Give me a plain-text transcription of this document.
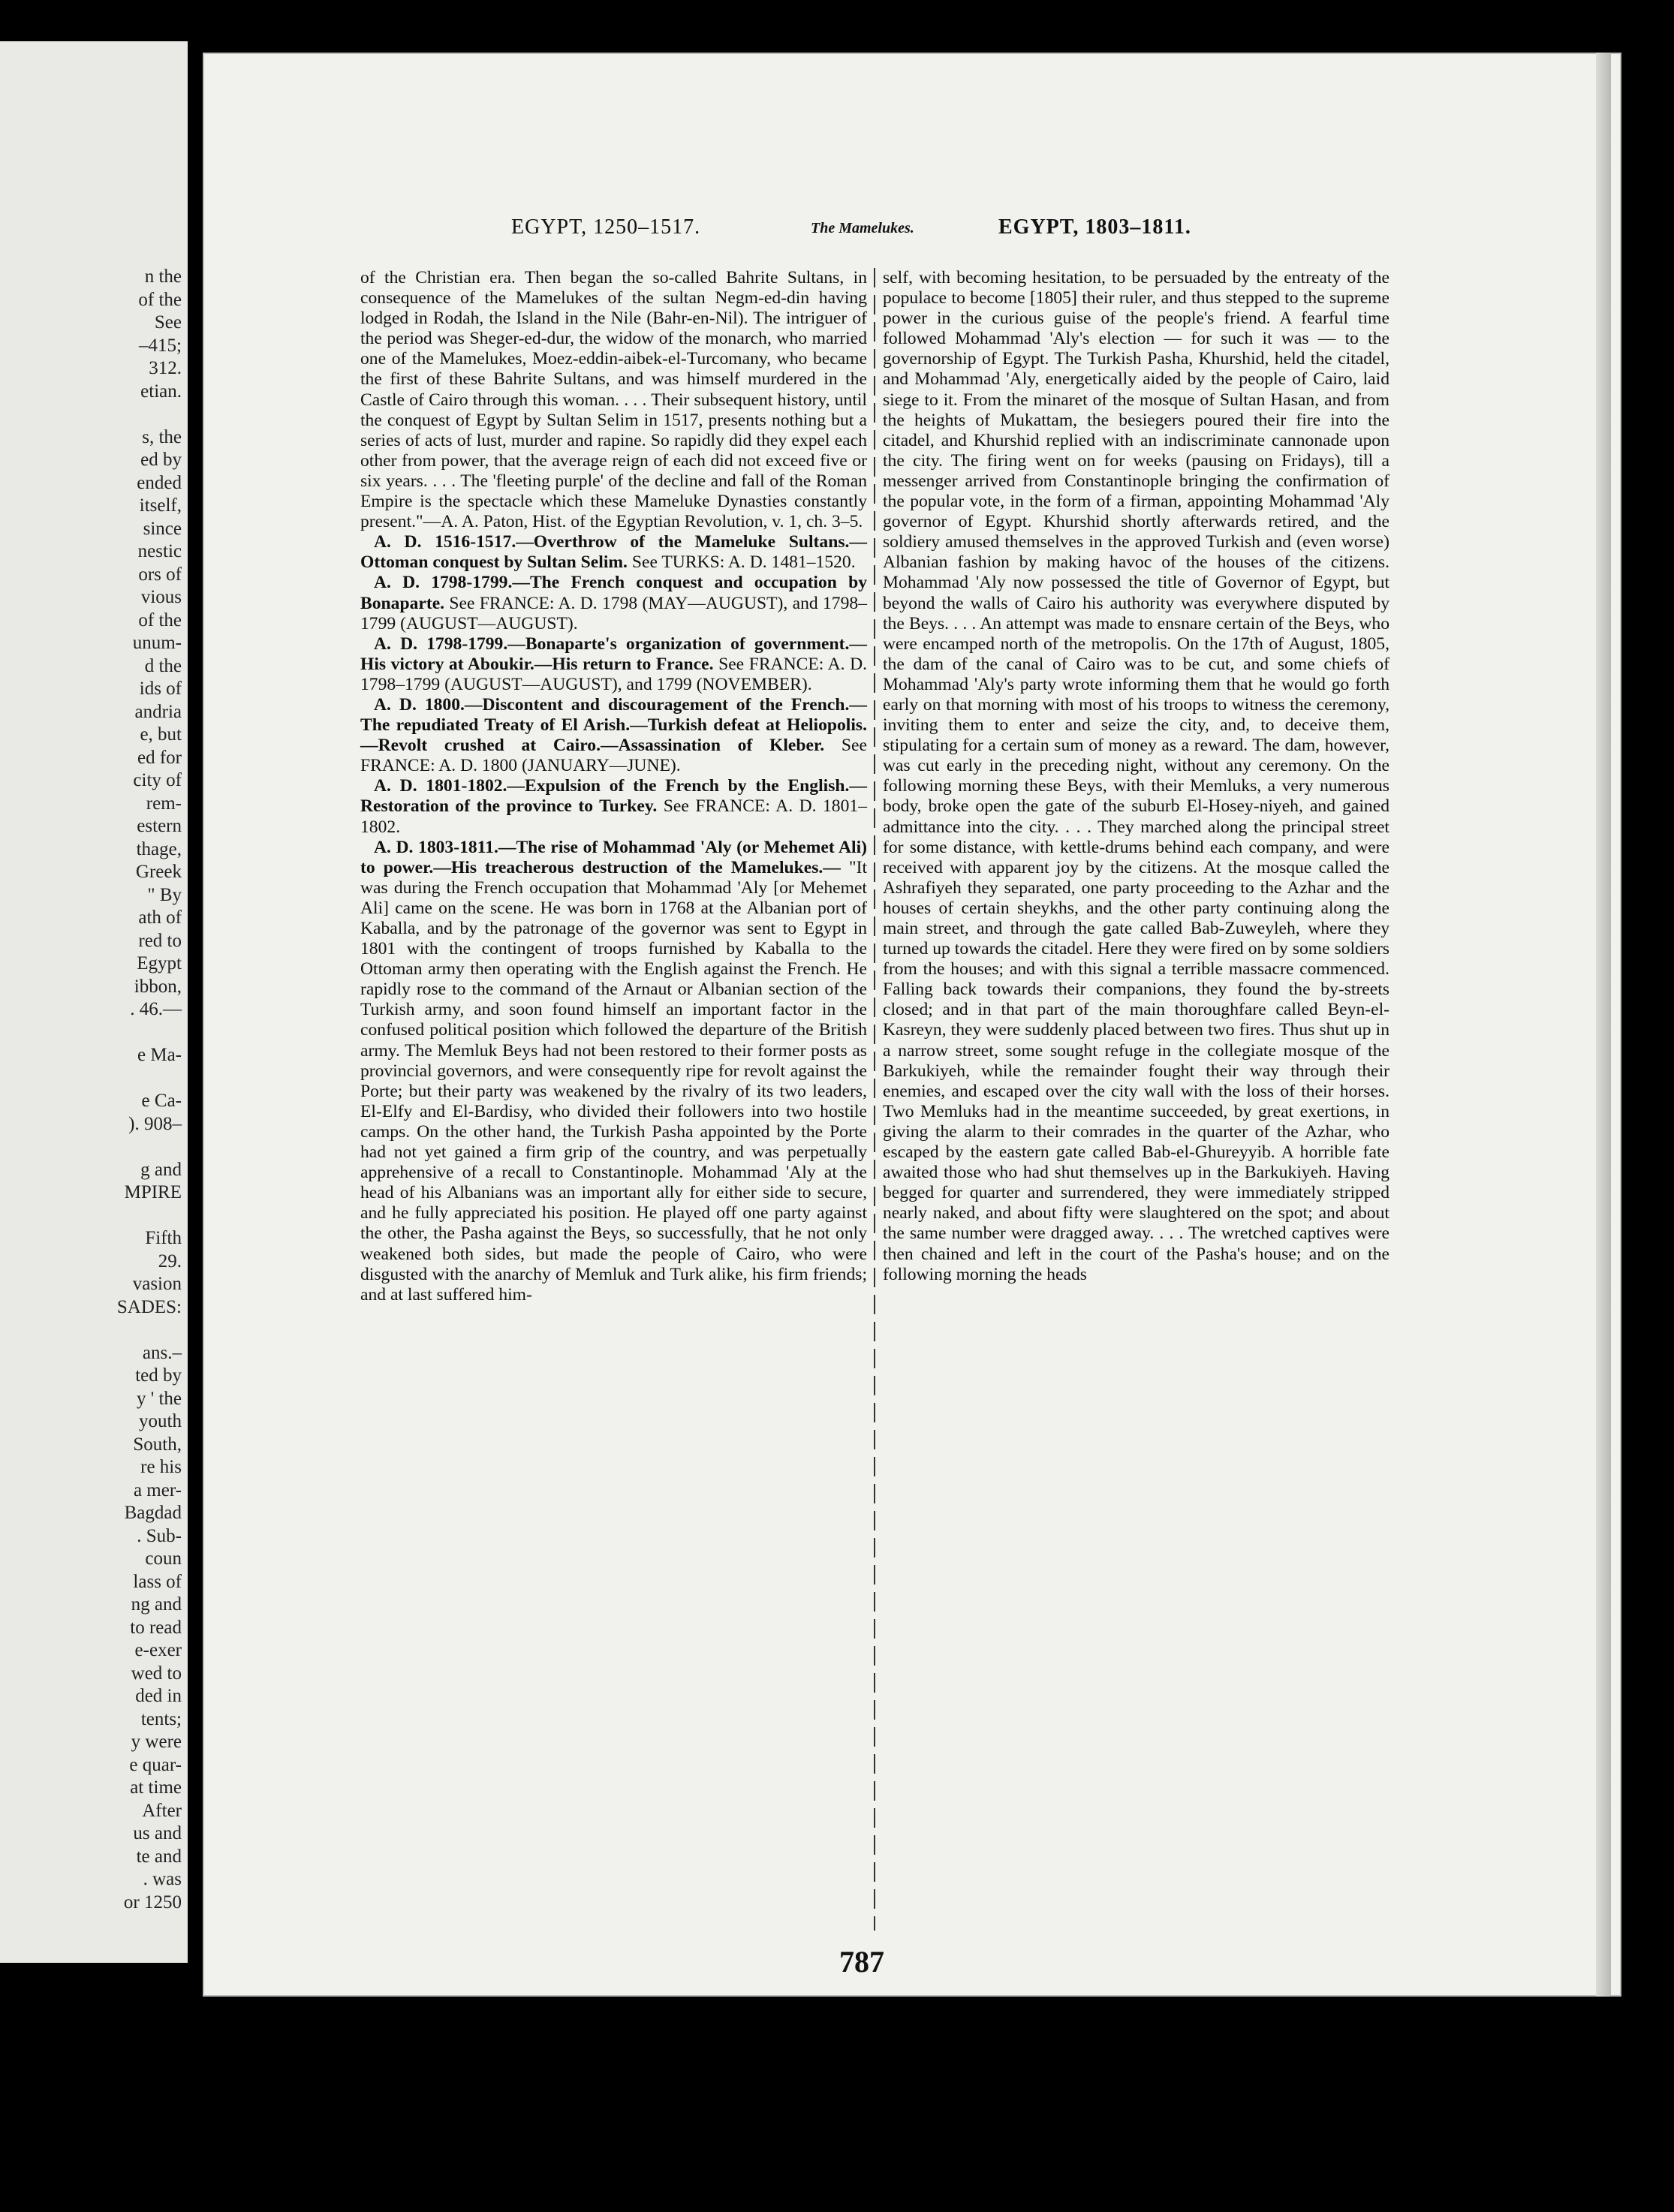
n the
of the
See
–415;
312.
etian.
s, the
ed by
ended
itself,
since
nestic
ors of
vious
of the
unum-
d the
ids of
andria
e, but
ed for
city of
rem-
estern
thage,
Greek
" By
ath of
red to
Egypt
ibbon,
. 46.—
e Ma-
e Ca-
). 908–
g and
MPIRE
Fifth
29.
vasion
SADES:
ans.–
ted by
y ' the
youth
South,
re his
a mer-
Bagdad
. Sub-
coun
lass of
ng and
to read
e-exer
wed to
ded in
tents;
y were
e quar-
at time
After
us and
te and
. was
or 1250
EGYPT, 1250–1517.	The Mamelukes.	EGYPT, 1803–1811.

of the Christian era. Then began the so-called Bahrite Sultans, in consequence of the Mamelukes of the sultan Negm-ed-din having lodged in Rodah, the Island in the Nile (Bahr-en-Nil). The intriguer of the period was Sheger-ed-dur, the widow of the monarch, who married one of the Mamelukes, Moez-eddin-aibek-el-Turcomany, who became the first of these Bahrite Sultans, and was himself murdered in the Castle of Cairo through this woman. . . . Their subsequent history, until the conquest of Egypt by Sultan Selim in 1517, presents nothing but a series of acts of lust, murder and rapine. So rapidly did they expel each other from power, that the average reign of each did not exceed five or six years. . . . The 'fleeting purple' of the decline and fall of the Roman Empire is the spectacle which these Mameluke Dynasties constantly present."—A. A. Paton, Hist. of the Egyptian Revolution, v. 1, ch. 3–5.

A. D. 1516-1517.—Overthrow of the Mameluke Sultans.—Ottoman conquest by Sultan Selim. See TURKS: A. D. 1481–1520.

A. D. 1798-1799.—The French conquest and occupation by Bonaparte. See FRANCE: A. D. 1798 (MAY—AUGUST), and 1798–1799 (AUGUST—AUGUST).

A. D. 1798-1799.—Bonaparte's organization of government.—His victory at Aboukir.—His return to France. See FRANCE: A. D. 1798–1799 (AUGUST—AUGUST), and 1799 (NOVEMBER).

A. D. 1800.—Discontent and discouragement of the French.—The repudiated Treaty of El Arish.—Turkish defeat at Heliopolis.—Revolt crushed at Cairo.—Assassination of Kleber. See FRANCE: A. D. 1800 (JANUARY—JUNE).

A. D. 1801-1802.—Expulsion of the French by the English.—Restoration of the province to Turkey. See FRANCE: A. D. 1801–1802.

A. D. 1803-1811.—The rise of Mohammad 'Aly (or Mehemet Ali) to power.—His treacherous destruction of the Mamelukes.— "It was during the French occupation that Mohammad 'Aly [or Mehemet Ali] came on the scene. He was born in 1768 at the Albanian port of Kaballa, and by the patronage of the governor was sent to Egypt in 1801 with the contingent of troops furnished by Kaballa to the Ottoman army then operating with the English against the French. He rapidly rose to the command of the Arnaut or Albanian section of the Turkish army, and soon found himself an important factor in the confused political position which followed the departure of the British army. The Memluk Beys had not been restored to their former posts as provincial governors, and were consequently ripe for revolt against the Porte; but their party was weakened by the rivalry of its two leaders, El-Elfy and El-Bardisy, who divided their followers into two hostile camps. On the other hand, the Turkish Pasha appointed by the Porte had not yet gained a firm grip of the country, and was perpetually apprehensive of a recall to Constantinople. Mohammad 'Aly at the head of his Albanians was an important ally for either side to secure, and he fully appreciated his position. He played off one party against the other, the Pasha against the Beys, so successfully, that he not only weakened both sides, but made the people of Cairo, who were disgusted with the anarchy of Memluk and Turk alike, his firm friends; and at last suffered him-

self, with becoming hesitation, to be persuaded by the entreaty of the populace to become [1805] their ruler, and thus stepped to the supreme power in the curious guise of the people's friend. A fearful time followed Mohammad 'Aly's election — for such it was — to the governorship of Egypt. The Turkish Pasha, Khurshid, held the citadel, and Mohammad 'Aly, energetically aided by the people of Cairo, laid siege to it. From the minaret of the mosque of Sultan Hasan, and from the heights of Mukattam, the besiegers poured their fire into the citadel, and Khurshid replied with an indiscriminate cannonade upon the city. The firing went on for weeks (pausing on Fridays), till a messenger arrived from Constantinople bringing the confirmation of the popular vote, in the form of a firman, appointing Mohammad 'Aly governor of Egypt. Khurshid shortly afterwards retired, and the soldiery amused themselves in the approved Turkish and (even worse) Albanian fashion by making havoc of the houses of the citizens. Mohammad 'Aly now possessed the title of Governor of Egypt, but beyond the walls of Cairo his authority was everywhere disputed by the Beys. . . . An attempt was made to ensnare certain of the Beys, who were encamped north of the metropolis. On the 17th of August, 1805, the dam of the canal of Cairo was to be cut, and some chiefs of Mohammad 'Aly's party wrote informing them that he would go forth early on that morning with most of his troops to witness the ceremony, inviting them to enter and seize the city, and, to deceive them, stipulating for a certain sum of money as a reward. The dam, however, was cut early in the preceding night, without any ceremony. On the following morning these Beys, with their Memluks, a very numerous body, broke open the gate of the suburb El-Hosey-niyeh, and gained admittance into the city. . . . They marched along the principal street for some distance, with kettle-drums behind each company, and were received with apparent joy by the citizens. At the mosque called the Ashrafiyeh they separated, one party proceeding to the Azhar and the houses of certain sheykhs, and the other party continuing along the main street, and through the gate called Bab-Zuweyleh, where they turned up towards the citadel. Here they were fired on by some soldiers from the houses; and with this signal a terrible massacre commenced. Falling back towards their companions, they found the by-streets closed; and in that part of the main thoroughfare called Beyn-el-Kasreyn, they were suddenly placed between two fires. Thus shut up in a narrow street, some sought refuge in the collegiate mosque of the Barkukiyeh, while the remainder fought their way through their enemies, and escaped over the city wall with the loss of their horses. Two Memluks had in the meantime succeeded, by great exertions, in giving the alarm to their comrades in the quarter of the Azhar, who escaped by the eastern gate called Bab-el-Ghureyyib. A horrible fate awaited those who had shut themselves up in the Barkukiyeh. Having begged for quarter and surrendered, they were immediately stripped nearly naked, and about fifty were slaughtered on the spot; and about the same number were dragged away. . . . The wretched captives were then chained and left in the court of the Pasha's house; and on the following morning the heads

787
